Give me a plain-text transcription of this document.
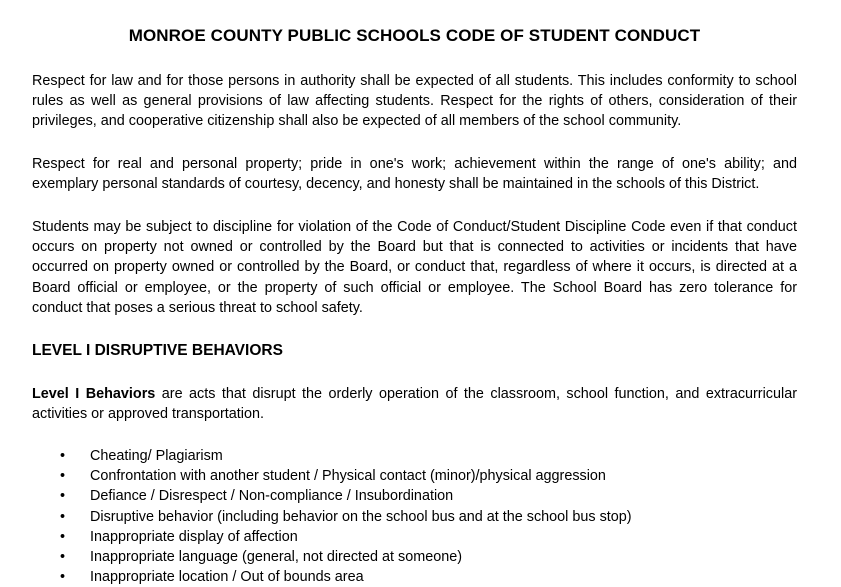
MONROE COUNTY PUBLIC SCHOOLS CODE OF STUDENT CONDUCT

Respect for law and for those persons in authority shall be expected of all students. This includes conformity to school rules as well as general provisions of law affecting students. Respect for the rights of others, consideration of their privileges, and cooperative citizenship shall also be expected of all members of the school community.

Respect for real and personal property; pride in one's work; achievement within the range of one's ability; and exemplary personal standards of courtesy, decency, and honesty shall be maintained in the schools of this District.

Students may be subject to discipline for violation of the Code of Conduct/Student Discipline Code even if that conduct occurs on property not owned or controlled by the Board but that is connected to activities or incidents that have occurred on property owned or controlled by the Board, or conduct that, regardless of where it occurs, is directed at a Board official or employee, or the property of such official or employee. The School Board has zero tolerance for conduct that poses a serious threat to school safety.

LEVEL I DISRUPTIVE BEHAVIORS

Level I Behaviors are acts that disrupt the orderly operation of the classroom, school function, and extracurricular activities or approved transportation.

• Cheating/ Plagiarism
• Confrontation with another student / Physical contact (minor)/physical aggression
• Defiance / Disrespect / Non-compliance / Insubordination
• Disruptive behavior (including behavior on the school bus and at the school bus stop)
• Inappropriate display of affection
• Inappropriate language (general, not directed at someone)
• Inappropriate location / Out of bounds area
